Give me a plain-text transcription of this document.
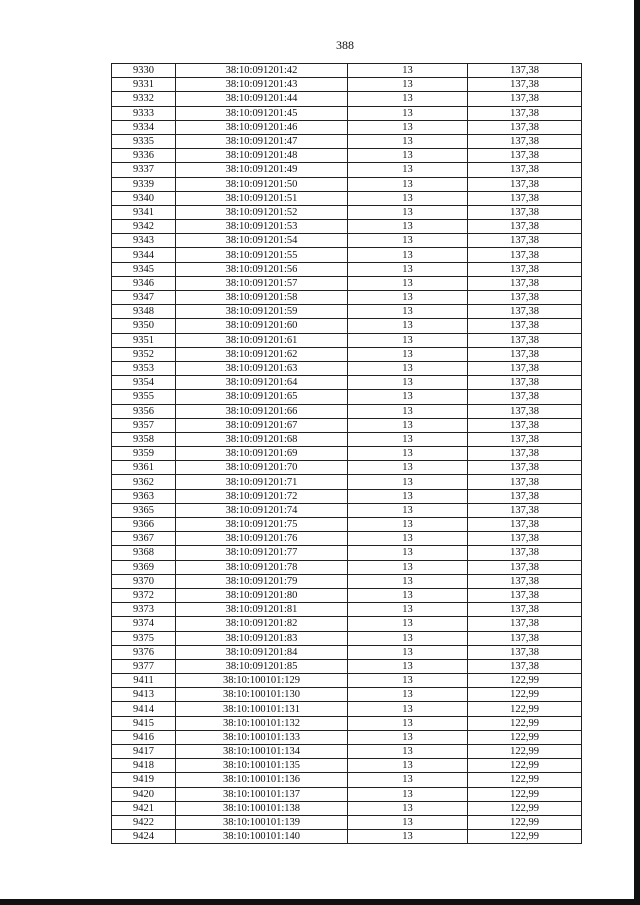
388
9330	38:10:091201:42	13	137,38
9331	38:10:091201:43	13	137,38
9332	38:10:091201:44	13	137,38
9333	38:10:091201:45	13	137,38
9334	38:10:091201:46	13	137,38
9335	38:10:091201:47	13	137,38
9336	38:10:091201:48	13	137,38
9337	38:10:091201:49	13	137,38
9339	38:10:091201:50	13	137,38
9340	38:10:091201:51	13	137,38
9341	38:10:091201:52	13	137,38
9342	38:10:091201:53	13	137,38
9343	38:10:091201:54	13	137,38
9344	38:10:091201:55	13	137,38
9345	38:10:091201:56	13	137,38
9346	38:10:091201:57	13	137,38
9347	38:10:091201:58	13	137,38
9348	38:10:091201:59	13	137,38
9350	38:10:091201:60	13	137,38
9351	38:10:091201:61	13	137,38
9352	38:10:091201:62	13	137,38
9353	38:10:091201:63	13	137,38
9354	38:10:091201:64	13	137,38
9355	38:10:091201:65	13	137,38
9356	38:10:091201:66	13	137,38
9357	38:10:091201:67	13	137,38
9358	38:10:091201:68	13	137,38
9359	38:10:091201:69	13	137,38
9361	38:10:091201:70	13	137,38
9362	38:10:091201:71	13	137,38
9363	38:10:091201:72	13	137,38
9365	38:10:091201:74	13	137,38
9366	38:10:091201:75	13	137,38
9367	38:10:091201:76	13	137,38
9368	38:10:091201:77	13	137,38
9369	38:10:091201:78	13	137,38
9370	38:10:091201:79	13	137,38
9372	38:10:091201:80	13	137,38
9373	38:10:091201:81	13	137,38
9374	38:10:091201:82	13	137,38
9375	38:10:091201:83	13	137,38
9376	38:10:091201:84	13	137,38
9377	38:10:091201:85	13	137,38
9411	38:10:100101:129	13	122,99
9413	38:10:100101:130	13	122,99
9414	38:10:100101:131	13	122,99
9415	38:10:100101:132	13	122,99
9416	38:10:100101:133	13	122,99
9417	38:10:100101:134	13	122,99
9418	38:10:100101:135	13	122,99
9419	38:10:100101:136	13	122,99
9420	38:10:100101:137	13	122,99
9421	38:10:100101:138	13	122,99
9422	38:10:100101:139	13	122,99
9424	38:10:100101:140	13	122,99
